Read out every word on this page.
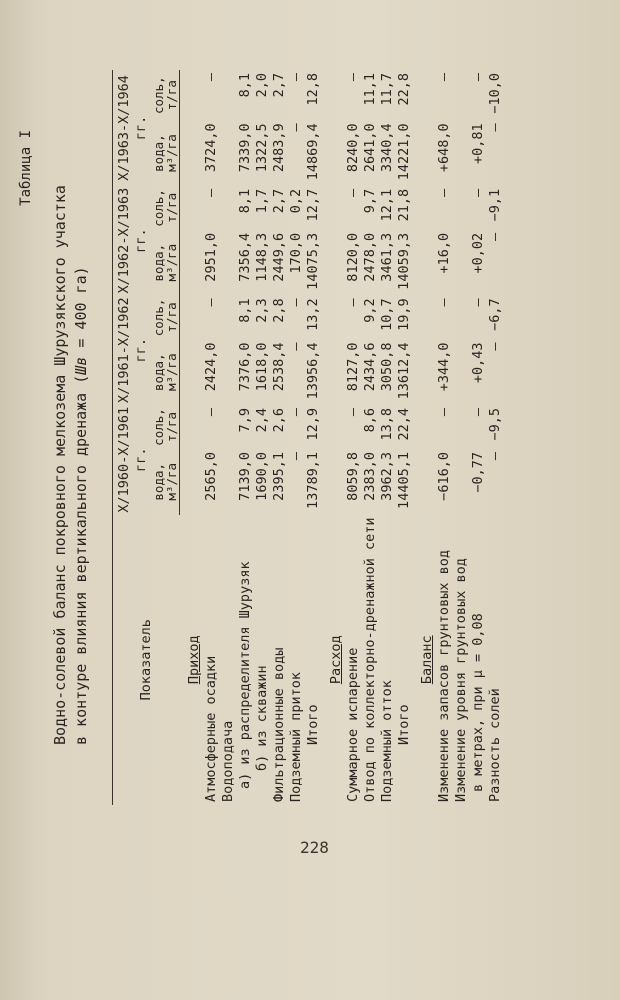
228
Таблица I
Водно-солевой баланс покровного мелкозема Шурузякского участка в контуре влияния вертикального дренажа (Шв = 400 га)
Показатель	X/1960-X/1961 гг.		X/1961-X/1962 гг.		X/1962-X/1963 гг.		X/1963-X/1964 гг.	
	вода, м³/га	соль, т/га	вода, м³/га	соль, т/га	вода, м³/га	соль, т/га	вода, м³/га	соль, т/га
Приход								
Атмосферные осадки	2565,0	—	2424,0	—	2951,0	—	3724,0	—
Водоподача								
а) из распределителя Шурузяк	7139,0	7,9	7376,0	8,1	7356,4	8,1	7339,0	8,1
б) из скважин	1690,0	2,4	1618,0	2,3	1148,3	1,7	1322,5	2,0
Фильтрационные воды	2395,1	2,6	2538,4	2,8	2449,6	2,7	2483,9	2,7
Подземный приток	—	—	—	—	170,0	0,2	—	—
Итого	13789,1	12,9	13956,4	13,2	14075,3	12,7	14869,4	12,8
Расход								
Суммарное испарение	8059,8	—	8127,0	—	8120,0	—	8240,0	—
Отвод по коллекторно-дренажной сети	2383,0	8,6	2434,6	9,2	2478,0	9,7	2641,0	11,1
Подземный отток	3962,3	13,8	3050,8	10,7	3461,3	12,1	3340,4	11,7
Итого	14405,1	22,4	13612,4	19,9	14059,3	21,8	14221,0	22,8
Баланс								
Изменение запасов грунтовых вод	−616,0	—	+344,0	—	+16,0	—	+648,0	—
Изменение уровня грунтовых вод в метрах, при μ = 0,08	−0,77	—	+0,43	—	+0,02	—	+0,81	—
Разность солей	—	−9,5	—	−6,7	—	−9,1	—	−10,0
